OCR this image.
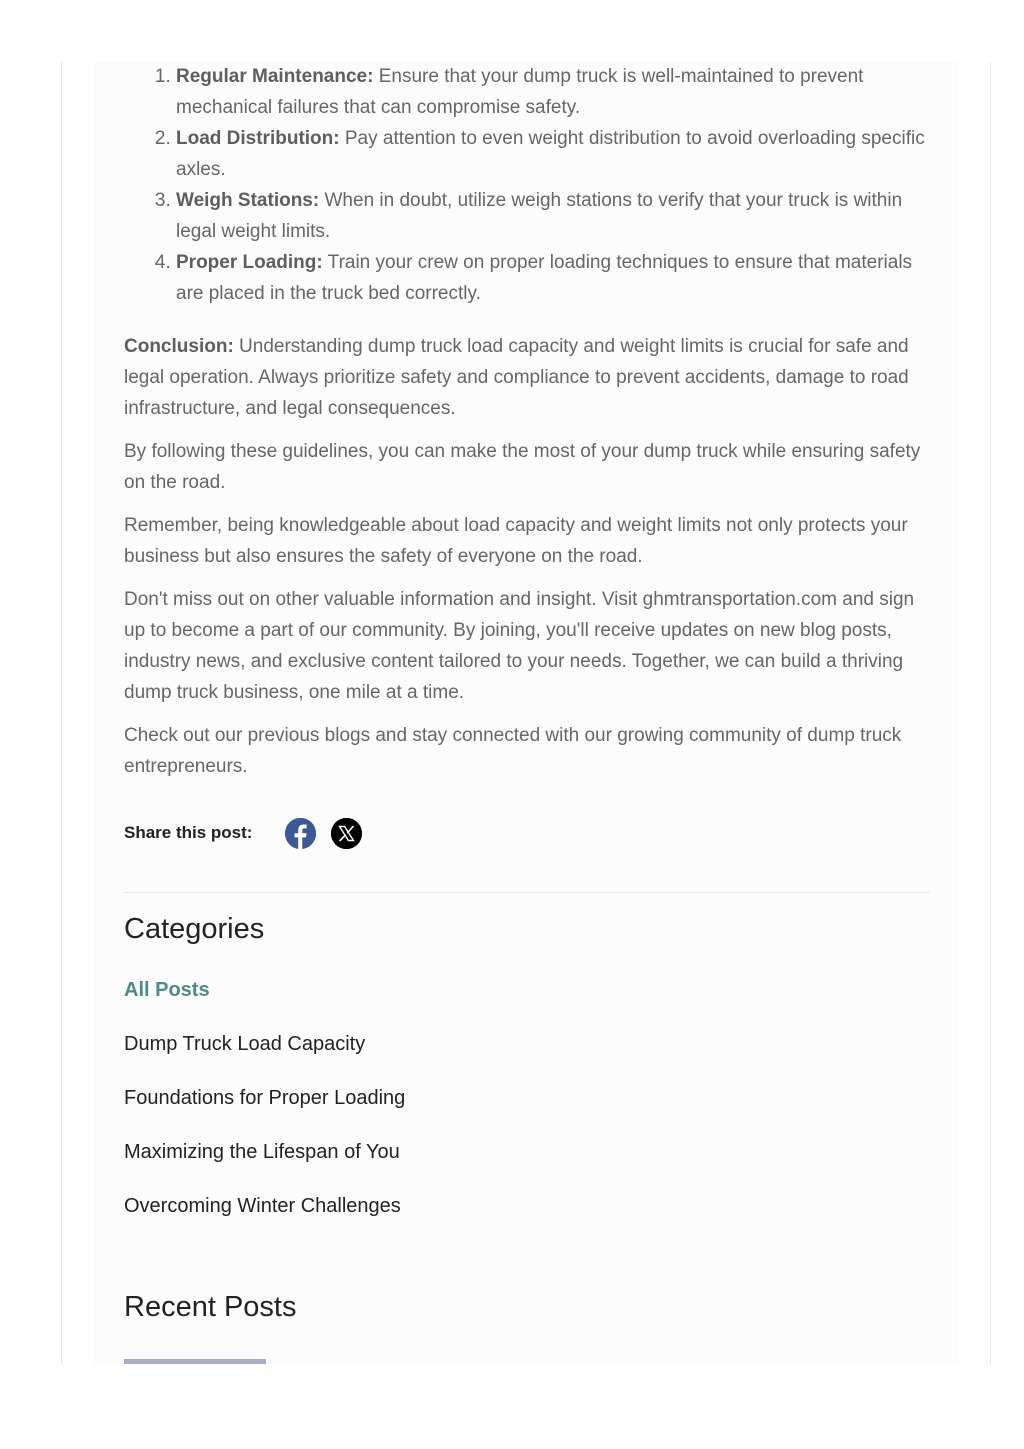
1. Regular Maintenance: Ensure that your dump truck is well-maintained to prevent mechanical failures that can compromise safety.
2. Load Distribution: Pay attention to even weight distribution to avoid overloading specific axles.
3. Weigh Stations: When in doubt, utilize weigh stations to verify that your truck is within legal weight limits.
4. Proper Loading: Train your crew on proper loading techniques to ensure that materials are placed in the truck bed correctly.

Conclusion: Understanding dump truck load capacity and weight limits is crucial for safe and legal operation. Always prioritize safety and compliance to prevent accidents, damage to road infrastructure, and legal consequences.

By following these guidelines, you can make the most of your dump truck while ensuring safety on the road.

Remember, being knowledgeable about load capacity and weight limits not only protects your business but also ensures the safety of everyone on the road.

Don't miss out on other valuable information and insight. Visit ghmtransportation.com and sign up to become a part of our community. By joining, you'll receive updates on new blog posts, industry news, and exclusive content tailored to your needs. Together, we can build a thriving dump truck business, one mile at a time.

Check out our previous blogs and stay connected with our growing community of dump truck entrepreneurs.

Share this post:
Categories
All Posts
Dump Truck Load Capacity
Foundations for Proper Loading
Maximizing the Lifespan of You
Overcoming Winter Challenges
Recent Posts
